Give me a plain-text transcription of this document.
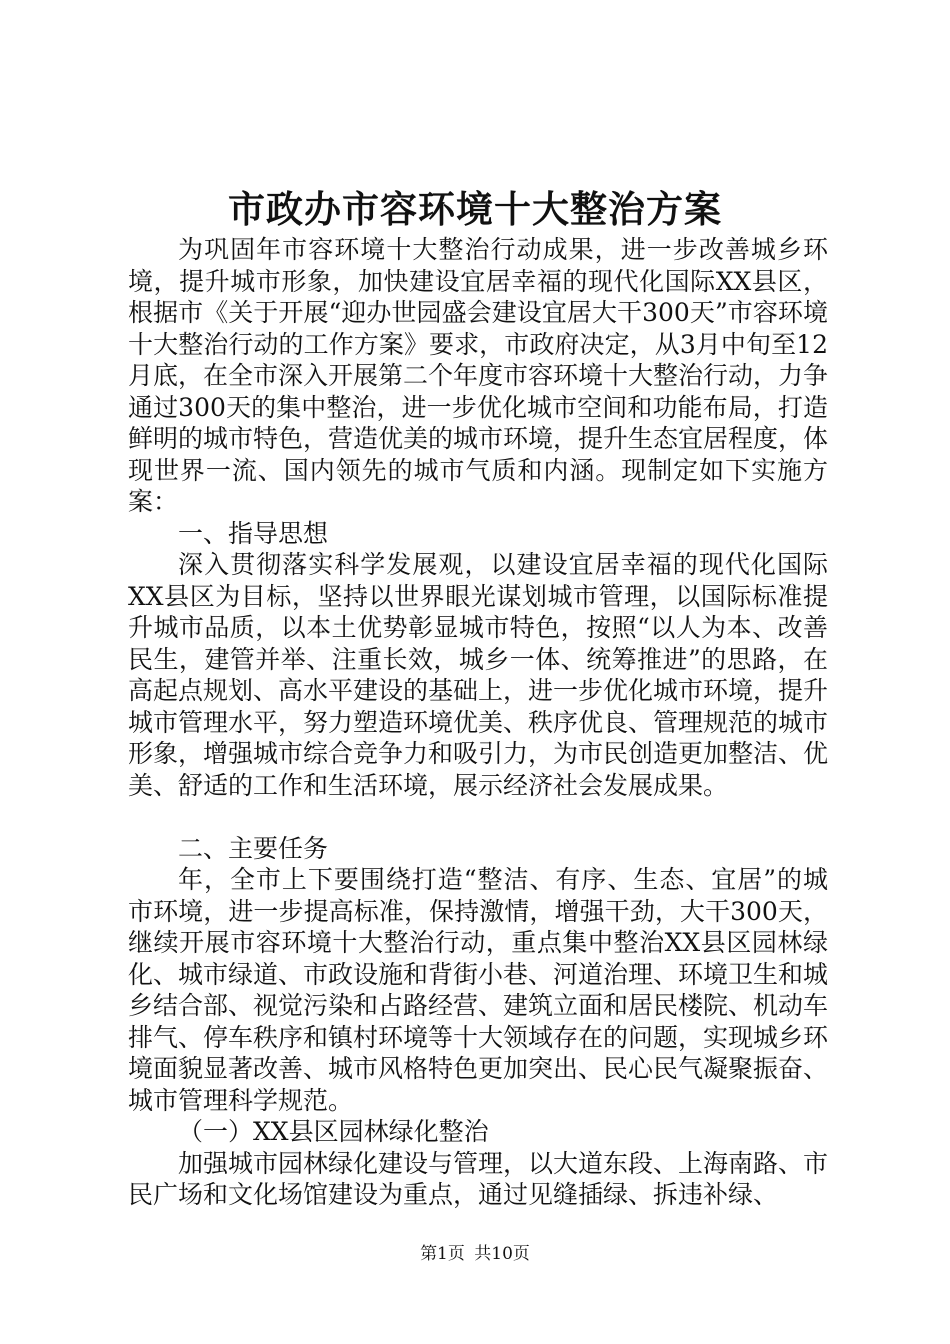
市政办市容环境十大整治方案

为巩固年市容环境十大整治行动成果，进一步改善城乡环境，提升城市形象，加快建设宜居幸福的现代化国际XX县区，根据市《关于开展“迎办世园盛会建设宜居大干300天”市容环境十大整治行动的工作方案》要求，市政府决定，从3月中旬至12月底，在全市深入开展第二个年度市容环境十大整治行动，力争通过300天的集中整治，进一步优化城市空间和功能布局，打造鲜明的城市特色，营造优美的城市环境，提升生态宜居程度，体现世界一流、国内领先的城市气质和内涵。现制定如下实施方案：

一、指导思想

深入贯彻落实科学发展观，以建设宜居幸福的现代化国际XX县区为目标，坚持以世界眼光谋划城市管理，以国际标准提升城市品质，以本土优势彰显城市特色，按照“以人为本、改善民生，建管并举、注重长效，城乡一体、统筹推进”的思路，在高起点规划、高水平建设的基础上，进一步优化城市环境，提升城市管理水平，努力塑造环境优美、秩序优良、管理规范的城市形象，增强城市综合竞争力和吸引力，为市民创造更加整洁、优美、舒适的工作和生活环境，展示经济社会发展成果。

二、主要任务

年，全市上下要围绕打造“整洁、有序、生态、宜居”的城市环境，进一步提高标准，保持激情，增强干劲，大干300天，继续开展市容环境十大整治行动，重点集中整治XX县区园林绿化、城市绿道、市政设施和背街小巷、河道治理、环境卫生和城乡结合部、视觉污染和占路经营、建筑立面和居民楼院、机动车排气、停车秩序和镇村环境等十大领域存在的问题，实现城乡环境面貌显著改善、城市风格特色更加突出、民心民气凝聚振奋、城市管理科学规范。

（一）XX县区园林绿化整治

加强城市园林绿化建设与管理，以大道东段、上海南路、市民广场和文化场馆建设为重点，通过见缝插绿、拆违补绿、

第1页 共10页
